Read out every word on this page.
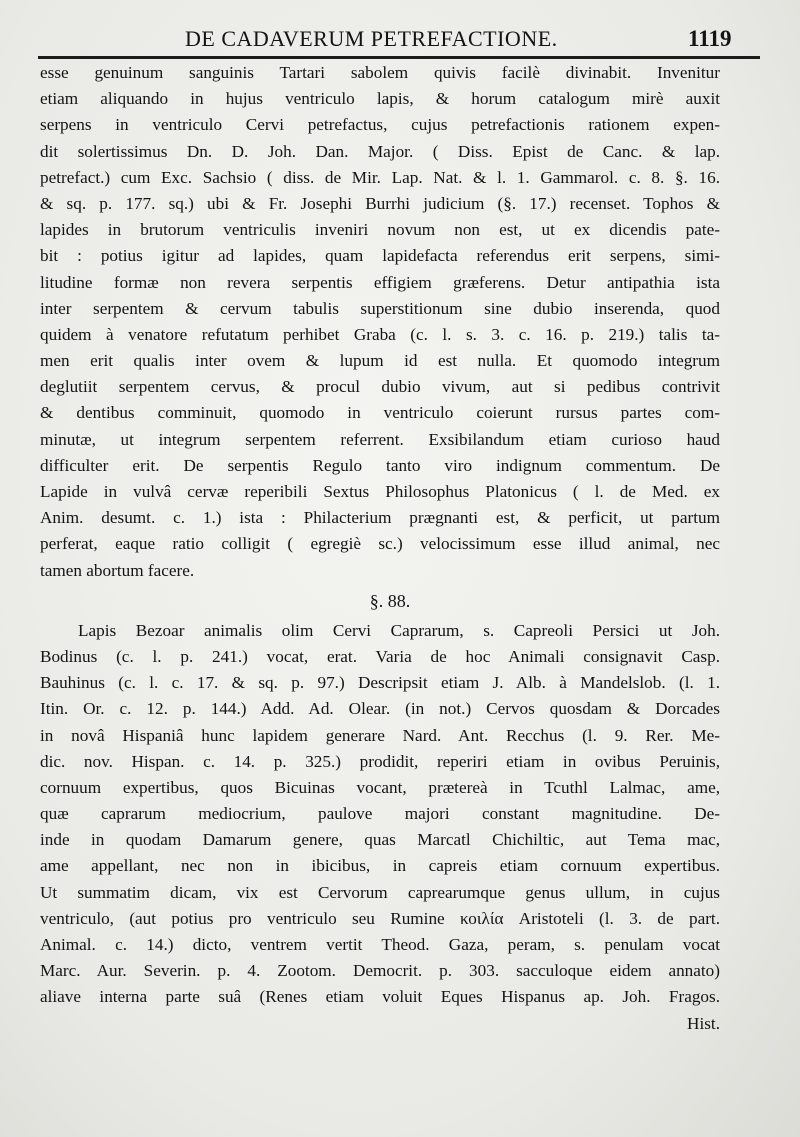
DE CADAVERUM PETREFACTIONE.	1119
esse genuinum sanguinis Tartari sabolem quivis facilè divinabit. Invenitur
etiam aliquando in hujus ventriculo lapis, & horum catalogum mirè auxit
serpens in ventriculo Cervi petrefactus, cujus petrefactionis rationem expen-
dit solertissimus Dn. D. Joh. Dan. Major. ( Diss. Epist de Canc. & lap.
petrefact.) cum Exc. Sachsio ( diss. de Mir. Lap. Nat. & l. 1. Gammarol. c. 8. §. 16.
& sq. p. 177. sq.) ubi & Fr. Josephi Burrhi judicium (§. 17.) recenset. Tophos &
lapides in brutorum ventriculis inveniri novum non est, ut ex dicendis pate-
bit : potius igitur ad lapides, quam lapidefacta referendus erit serpens, simi-
litudine formæ non revera serpentis effigiem græferens. Detur antipathia ista
inter serpentem & cervum tabulis superstitionum sine dubio inserenda, quod
quidem à venatore refutatum perhibet Graba (c. l. s. 3. c. 16. p. 219.) talis ta-
men erit qualis inter ovem & lupum id est nulla. Et quomodo integrum
deglutiit serpentem cervus, & procul dubio vivum, aut si pedibus contrivit
& dentibus comminuit, quomodo in ventriculo coierunt rursus partes com-
minutæ, ut integrum serpentem referrent. Exsibilandum etiam curioso haud
difficulter erit. De serpentis Regulo tanto viro indignum commentum. De
Lapide in vulvâ cervæ reperibili Sextus Philosophus Platonicus ( l. de Med. ex
Anim. desumt. c. 1.) ista : Philacterium prægnanti est, & perficit, ut partum
perferat, eaque ratio colligit ( egregiè sc.) velocissimum esse illud animal, nec
tamen abortum facere.
§. 88.
Lapis Bezoar animalis olim Cervi Caprarum, s. Capreoli Persici ut Joh.
Bodinus (c. l. p. 241.) vocat, erat. Varia de hoc Animali consignavit Casp.
Bauhinus (c. l. c. 17. & sq. p. 97.) Descripsit etiam J. Alb. à Mandelslob. (l. 1.
Itin. Or. c. 12. p. 144.) Add. Ad. Olear. (in not.) Cervos quosdam & Dorcades
in novâ Hispaniâ hunc lapidem generare Nard. Ant. Recchus (l. 9. Rer. Me-
dic. nov. Hispan. c. 14. p. 325.) prodidit, reperiri etiam in ovibus Peruinis,
cornuum expertibus, quos Bicuinas vocant, prætereà in Tcuthl Lalmac, ame,
quæ caprarum mediocrium, paulove majori constant magnitudine. De-
inde in quodam Damarum genere, quas Marcatl Chichiltic, aut Tema mac,
ame appellant, nec non in ibicibus, in capreis etiam cornuum expertibus.
Ut summatim dicam, vix est Cervorum caprearumque genus ullum, in cujus
ventriculo, (aut potius pro ventriculo seu Rumine κοιλία Aristoteli (l. 3. de part.
Animal. c. 14.) dicto, ventrem vertit Theod. Gaza, peram, s. penulam vocat
Marc. Aur. Severin. p. 4. Zootom. Democrit. p. 303. sacculoque eidem annato)
aliave interna parte suâ (Renes etiam voluit Eques Hispanus ap. Joh. Fragos.
Hist.
